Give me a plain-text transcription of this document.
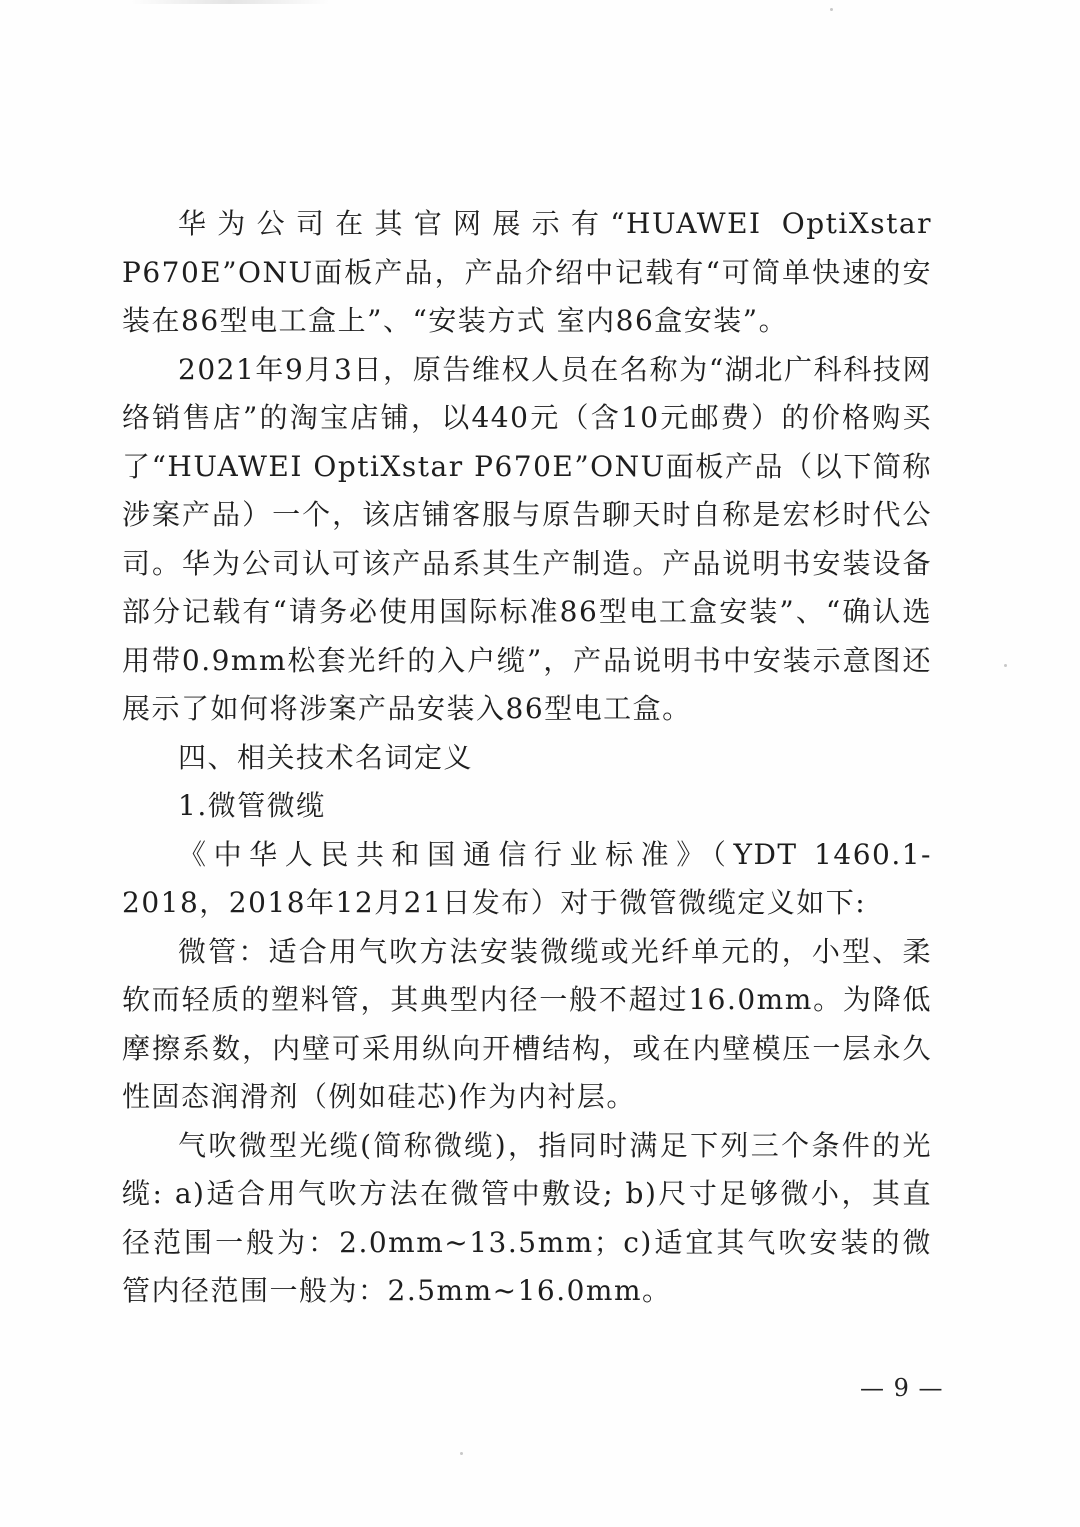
华为公司在其官网展示有“HUAWEI OptiXstar P670E”ONU面板产品，产品介绍中记载有“可简单快速的安装在86型电工盒上”、“安装方式 室内86盒安装”。

2021年9月3日，原告维权人员在名称为“湖北广科科技网络销售店”的淘宝店铺，以440元（含10元邮费）的价格购买了“HUAWEI OptiXstar P670E”ONU面板产品（以下简称涉案产品）一个，该店铺客服与原告聊天时自称是宏杉时代公司。华为公司认可该产品系其生产制造。产品说明书安装设备部分记载有“请务必使用国际标准86型电工盒安装”、“确认选用带0.9mm松套光纤的入户缆”，产品说明书中安装示意图还展示了如何将涉案产品安装入86型电工盒。

四、相关技术名词定义

1.微管微缆

《中华人民共和国通信行业标准》（YDT 1460.1-2018，2018年12月21日发布）对于微管微缆定义如下:

微管：适合用气吹方法安装微缆或光纤单元的，小型、柔软而轻质的塑料管，其典型内径一般不超过16.0mm。为降低摩擦系数，内壁可采用纵向开槽结构，或在内壁模压一层永久性固态润滑剂（例如硅芯)作为内衬层。

气吹微型光缆(简称微缆)，指同时满足下列三个条件的光缆: a)适合用气吹方法在微管中敷设; b)尺寸足够微小，其直径范围一般为：2.0mm~13.5mm；c)适宜其气吹安装的微管内径范围一般为：2.5mm~16.0mm。

— 9 —
